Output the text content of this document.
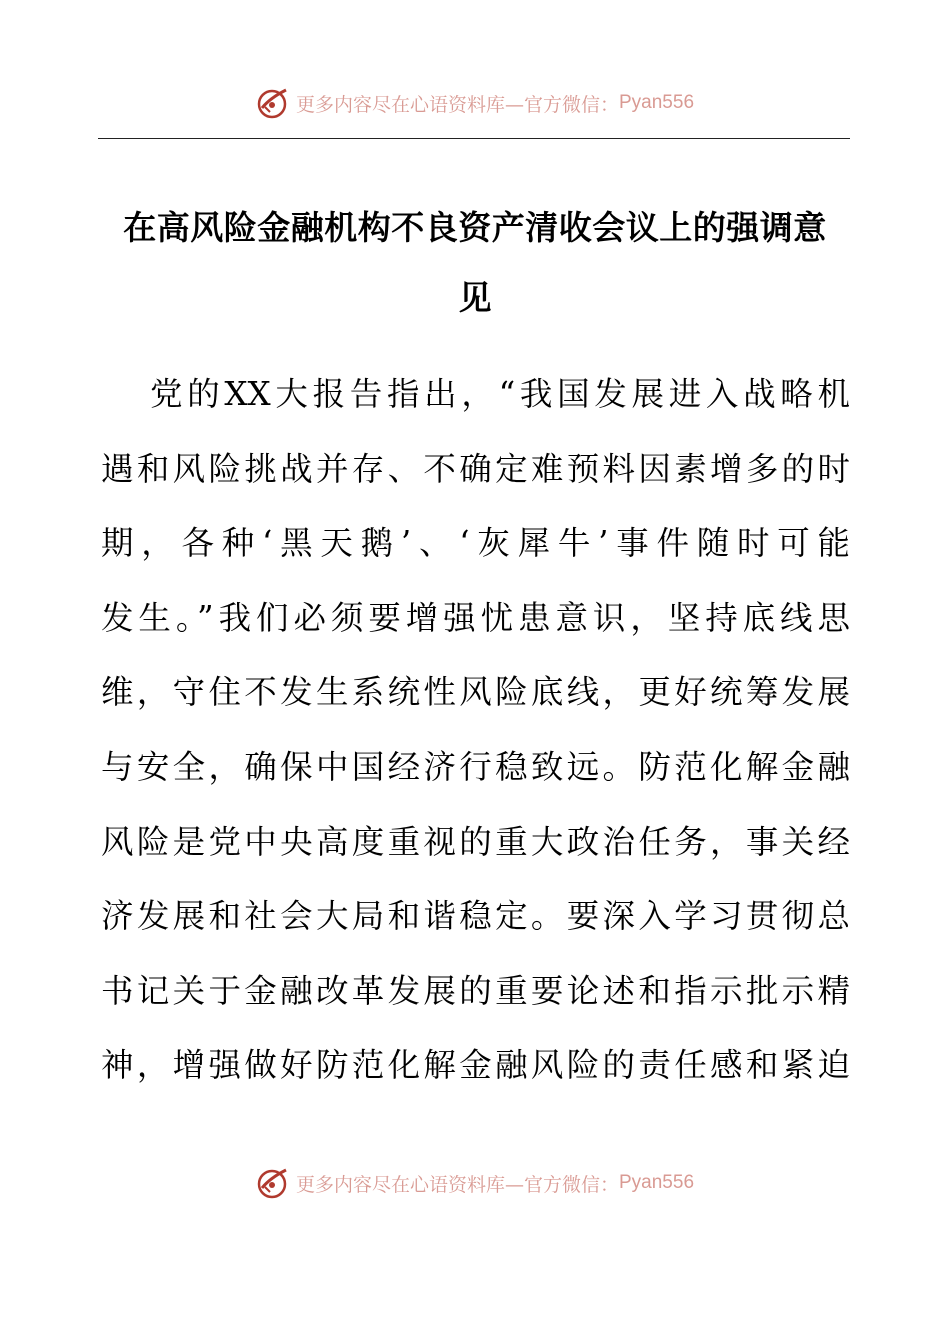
更多内容尽在心语资料库—官方微信： Pyan556
在高风险金融机构不良资产清收会议上的强调意
见
党的XX大报告指出，“我国发展进入战略机
遇和风险挑战并存、不确定难预料因素增多的时
期，各种‘黑天鹅’、‘灰犀牛’事件随时可能
发生。”我们必须要增强忧患意识，坚持底线思
维，守住不发生系统性风险底线，更好统筹发展
与安全，确保中国经济行稳致远。防范化解金融
风险是党中央高度重视的重大政治任务，事关经
济发展和社会大局和谐稳定。要深入学习贯彻总
书记关于金融改革发展的重要论述和指示批示精
神，增强做好防范化解金融风险的责任感和紧迫
更多内容尽在心语资料库—官方微信： Pyan556
